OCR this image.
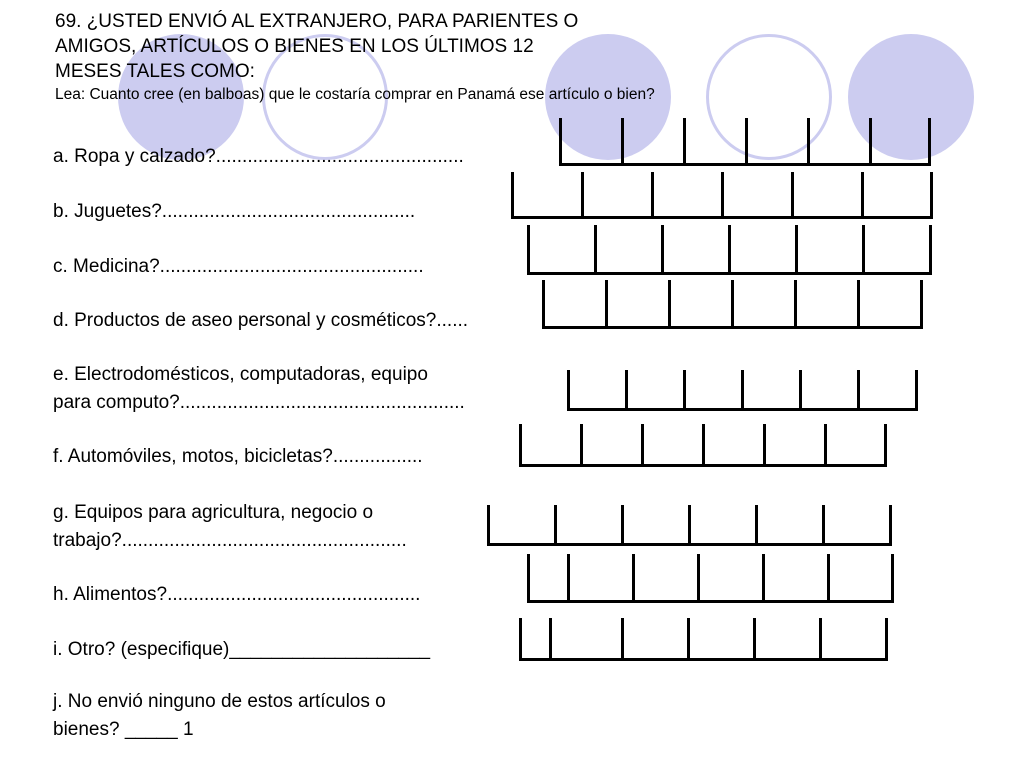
69. ¿USTED ENVIÓ AL EXTRANJERO, PARA PARIENTES O
AMIGOS, ARTÍCULOS O BIENES EN LOS ÚLTIMOS 12
MESES TALES COMO:
Lea: Cuanto cree (en balboas) que le costaría comprar en Panamá ese artículo o bien?
a. Ropa y calzado?...............................................
b. Juguetes?................................................
c. Medicina?..................................................
d. Productos de aseo personal y cosméticos?......
e. Electrodomésticos, computadoras, equipo
para computo?......................................................
f. Automóviles, motos, bicicletas?.................
g. Equipos para agricultura, negocio o
trabajo?......................................................
h. Alimentos?................................................
i. Otro? (especifique)___________________
j. No envió ninguno de estos artículos o
bienes? _____ 1
